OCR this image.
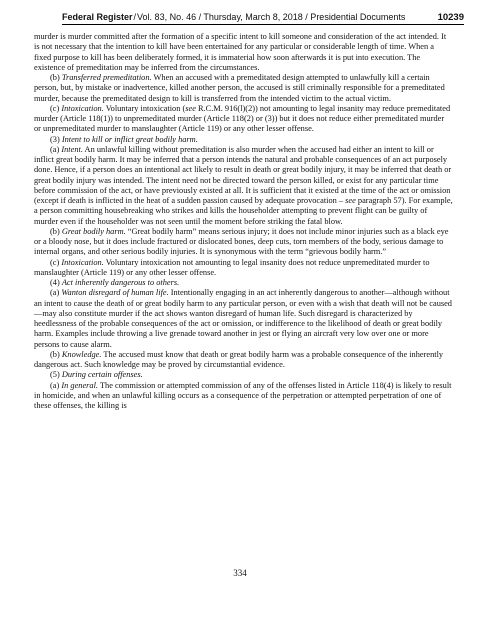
Federal Register / Vol. 83, No. 46 / Thursday, March 8, 2018 / Presidential Documents	10239

murder is murder committed after the formation of a specific intent to kill someone and consideration of the act intended. It is not necessary that the intention to kill have been entertained for any particular or considerable length of time. When a fixed purpose to kill has been deliberately formed, it is immaterial how soon afterwards it is put into execution. The existence of premeditation may be inferred from the circumstances.

(b) Transferred premeditation. When an accused with a premeditated design attempted to unlawfully kill a certain person, but, by mistake or inadvertence, killed another person, the accused is still criminally responsible for a premeditated murder, because the premeditated design to kill is transferred from the intended victim to the actual victim.

(c) Intoxication. Voluntary intoxication (see R.C.M. 916(l)(2)) not amounting to legal insanity may reduce premeditated murder (Article 118(1)) to unpremeditated murder (Article 118(2) or (3)) but it does not reduce either premeditated murder or unpremeditated murder to manslaughter (Article 119) or any other lesser offense.

(3) Intent to kill or inflict great bodily harm.

(a) Intent. An unlawful killing without premeditation is also murder when the accused had either an intent to kill or inflict great bodily harm. It may be inferred that a person intends the natural and probable consequences of an act purposely done. Hence, if a person does an intentional act likely to result in death or great bodily injury, it may be inferred that death or great bodily injury was intended. The intent need not be directed toward the person killed, or exist for any particular time before commission of the act, or have previously existed at all. It is sufficient that it existed at the time of the act or omission (except if death is inflicted in the heat of a sudden passion caused by adequate provocation – see paragraph 57). For example, a person committing housebreaking who strikes and kills the householder attempting to prevent flight can be guilty of murder even if the householder was not seen until the moment before striking the fatal blow.

(b) Great bodily harm. “Great bodily harm” means serious injury; it does not include minor injuries such as a black eye or a bloody nose, but it does include fractured or dislocated bones, deep cuts, torn members of the body, serious damage to internal organs, and other serious bodily injuries. It is synonymous with the term “grievous bodily harm.”

(c) Intoxication. Voluntary intoxication not amounting to legal insanity does not reduce unpremeditated murder to manslaughter (Article 119) or any other lesser offense.

(4) Act inherently dangerous to others.

(a) Wanton disregard of human life. Intentionally engaging in an act inherently dangerous to another—although without an intent to cause the death of or great bodily harm to any particular person, or even with a wish that death will not be caused—may also constitute murder if the act shows wanton disregard of human life. Such disregard is characterized by heedlessness of the probable consequences of the act or omission, or indifference to the likelihood of death or great bodily harm. Examples include throwing a live grenade toward another in jest or flying an aircraft very low over one or more persons to cause alarm.

(b) Knowledge. The accused must know that death or great bodily harm was a probable consequence of the inherently dangerous act. Such knowledge may be proved by circumstantial evidence.

(5) During certain offenses.

(a) In general. The commission or attempted commission of any of the offenses listed in Article 118(4) is likely to result in homicide, and when an unlawful killing occurs as a consequence of the perpetration or attempted perpetration of one of these offenses, the killing is

334
